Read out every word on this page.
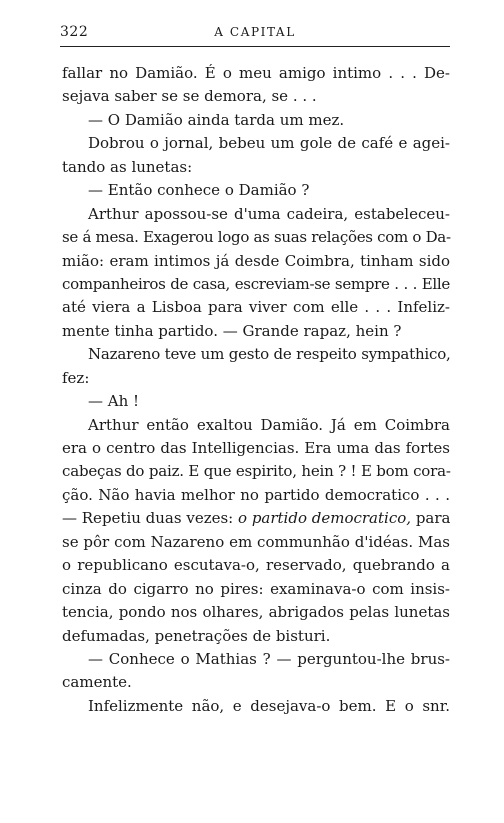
322	A CAPITAL
fallar no Damião. É o meu amigo intimo . . . De-
sejava saber se se demora, se . . .
— O Damião ainda tarda um mez.
Dobrou o jornal, bebeu um gole de café e agei-
tando as lunetas:
— Então conhece o Damião ?
Arthur apossou-se d'uma cadeira, estabeleceu-
se á mesa. Exagerou logo as suas relações com o Da-
mião: eram intimos já desde Coimbra, tinham sido
companheiros de casa, escreviam-se sempre . . . Elle
até viera a Lisboa para viver com elle . . . Infeliz-
mente tinha partido. — Grande rapaz, hein ?
Nazareno teve um gesto de respeito sympathico,
fez:
— Ah !
Arthur então exaltou Damião. Já em Coimbra
era o centro das Intelligencias. Era uma das fortes
cabeças do paiz. E que espirito, hein ? ! E bom cora-
ção. Não havia melhor no partido democratico . . .
— Repetiu duas vezes: o partido democratico, para
se pôr com Nazareno em communhão d'idéas. Mas
o republicano escutava-o, reservado, quebrando a
cinza do cigarro no pires: examinava-o com insis-
tencia, pondo nos olhares, abrigados pelas lunetas
defumadas, penetrações de bisturi.
— Conhece o Mathias ? — perguntou-lhe brus-
camente.
Infelizmente não, e desejava-o bem. E o snr.
